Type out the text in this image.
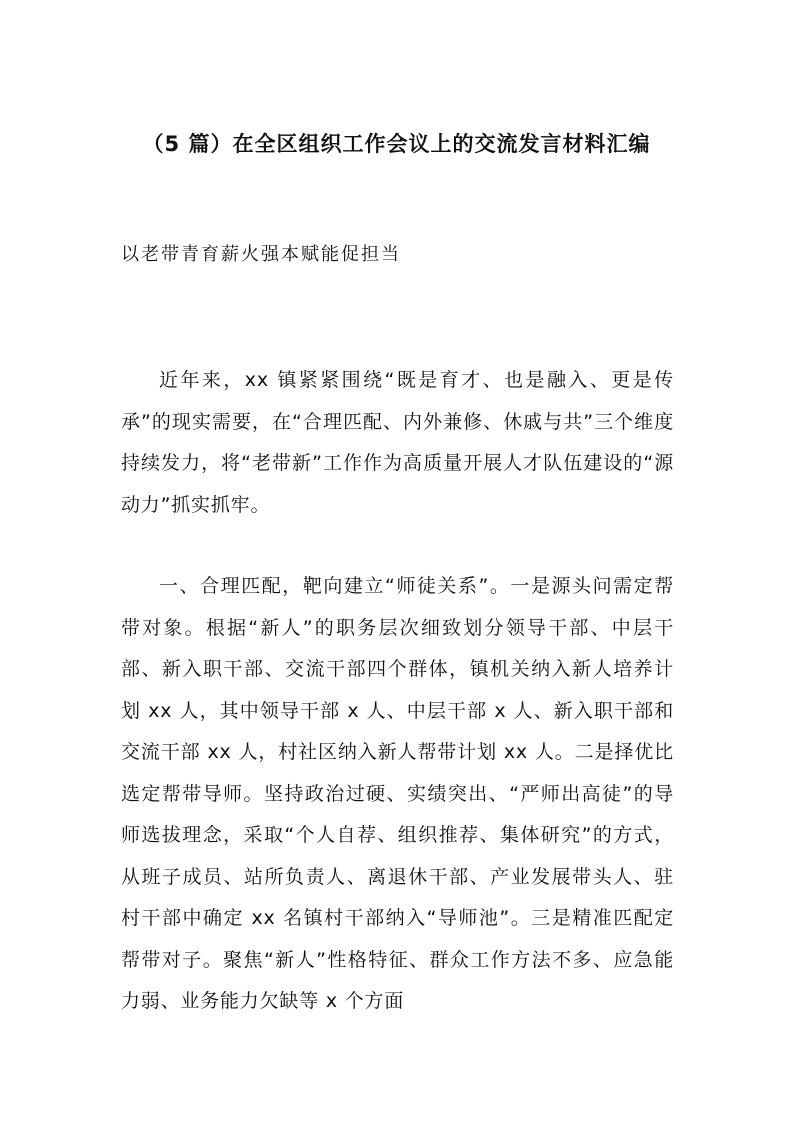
（5 篇）在全区组织工作会议上的交流发言材料汇编

以老带青育薪火强本赋能促担当

近年来，xx 镇紧紧围绕“既是育才、也是融入、更是传承”的现实需要，在“合理匹配、内外兼修、休戚与共”三个维度持续发力，将“老带新”工作作为高质量开展人才队伍建设的“源动力”抓实抓牢。

一、合理匹配，靶向建立“师徒关系”。一是源头问需定帮带对象。根据“新人”的职务层次细致划分领导干部、中层干部、新入职干部、交流干部四个群体，镇机关纳入新人培养计划 xx 人，其中领导干部 x 人、中层干部 x 人、新入职干部和交流干部 xx 人，村社区纳入新人帮带计划 xx 人。二是择优比选定帮带导师。坚持政治过硬、实绩突出、“严师出高徒”的导师选拔理念，采取“个人自荐、组织推荐、集体研究”的方式，从班子成员、站所负责人、离退休干部、产业发展带头人、驻村干部中确定 xx 名镇村干部纳入“导师池”。三是精准匹配定帮带对子。聚焦“新人”性格特征、群众工作方法不多、应急能力弱、业务能力欠缺等 x 个方面
